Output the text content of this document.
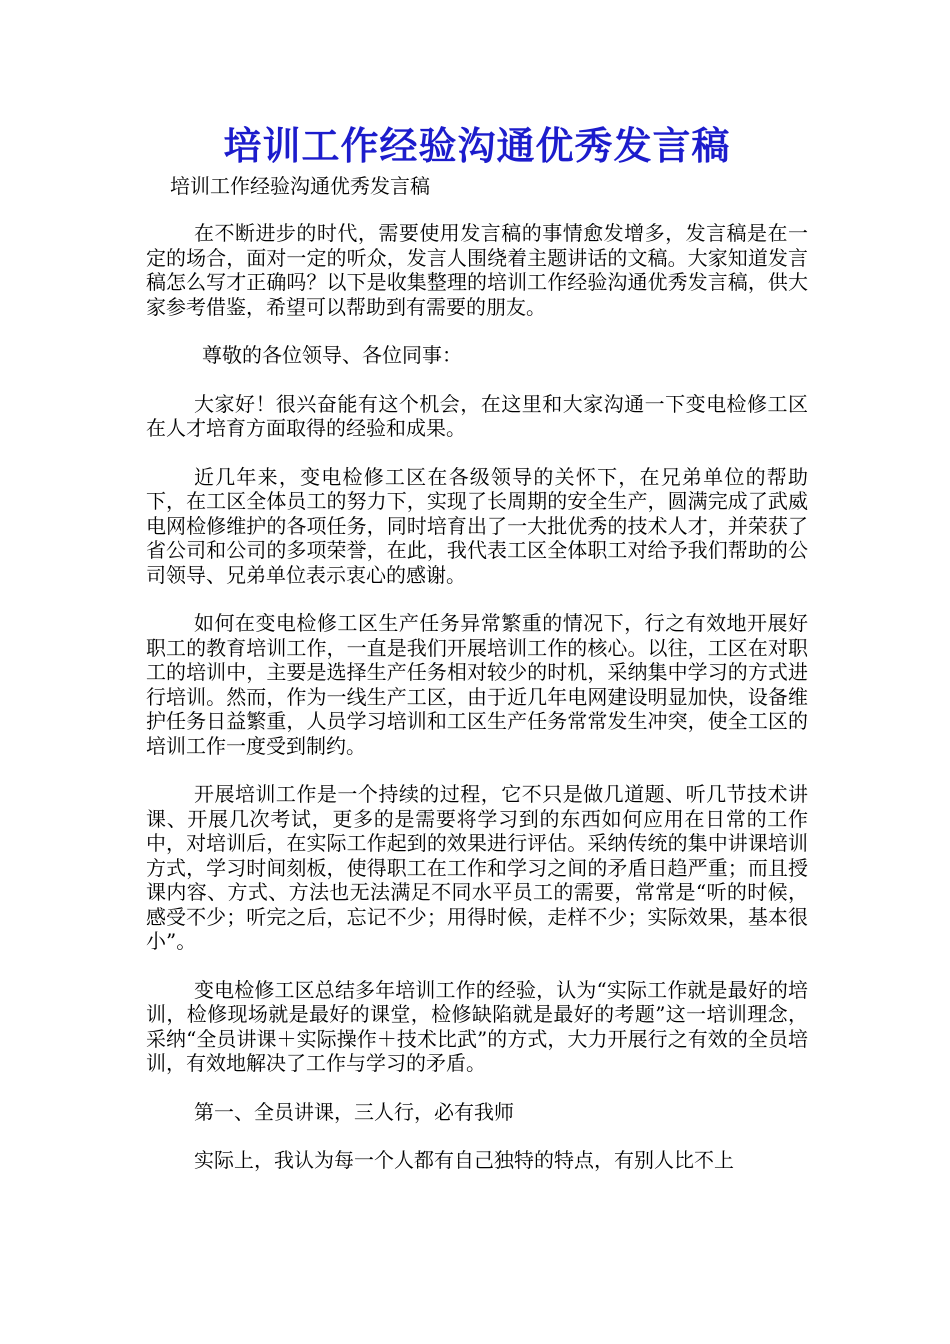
培训工作经验沟通优秀发言稿

培训工作经验沟通优秀发言稿

在不断进步的时代，需要使用发言稿的事情愈发增多，发言稿是在一定的场合，面对一定的听众，发言人围绕着主题讲话的文稿。大家知道发言稿怎么写才正确吗？以下是收集整理的培训工作经验沟通优秀发言稿，供大家参考借鉴，希望可以帮助到有需要的朋友。

尊敬的各位领导、各位同事：

大家好！很兴奋能有这个机会，在这里和大家沟通一下变电检修工区在人才培育方面取得的经验和成果。

近几年来，变电检修工区在各级领导的关怀下，在兄弟单位的帮助下，在工区全体员工的努力下，实现了长周期的安全生产，圆满完成了武威电网检修维护的各项任务，同时培育出了一大批优秀的技术人才，并荣获了省公司和公司的多项荣誉，在此，我代表工区全体职工对给予我们帮助的公司领导、兄弟单位表示衷心的感谢。

如何在变电检修工区生产任务异常繁重的情况下，行之有效地开展好职工的教育培训工作，一直是我们开展培训工作的核心。以往，工区在对职工的培训中，主要是选择生产任务相对较少的时机，采纳集中学习的方式进行培训。然而，作为一线生产工区，由于近几年电网建设明显加快，设备维护任务日益繁重，人员学习培训和工区生产任务常常发生冲突，使全工区的培训工作一度受到制约。

开展培训工作是一个持续的过程，它不只是做几道题、听几节技术讲课、开展几次考试，更多的是需要将学习到的东西如何应用在日常的工作中，对培训后，在实际工作起到的效果进行评估。采纳传统的集中讲课培训方式，学习时间刻板，使得职工在工作和学习之间的矛盾日趋严重；而且授课内容、方式、方法也无法满足不同水平员工的需要，常常是“听的时候，感受不少；听完之后，忘记不少；用得时候，走样不少；实际效果，基本很小”。

变电检修工区总结多年培训工作的经验，认为“实际工作就是最好的培训，检修现场就是最好的课堂，检修缺陷就是最好的考题”这一培训理念，采纳“全员讲课＋实际操作＋技术比武”的方式，大力开展行之有效的全员培训，有效地解决了工作与学习的矛盾。

第一、全员讲课，三人行，必有我师

实际上，我认为每一个人都有自己独特的特点，有别人比不上
